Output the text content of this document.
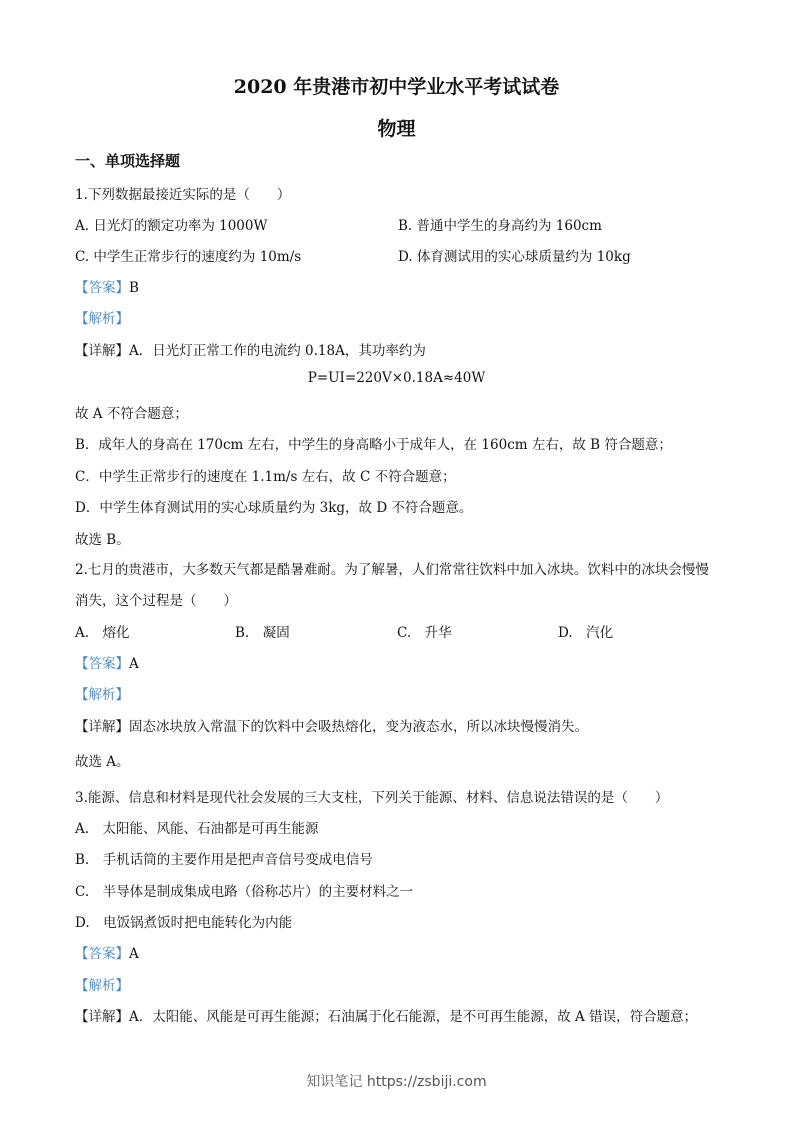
2020 年贵港市初中学业水平考试试卷
物理
一、单项选择题
1.下列数据最接近实际的是（　　）
A. 日光灯的额定功率为 1000W	B. 普通中学生的身高约为 160cm
C. 中学生正常步行的速度约为 10m/s	D. 体育测试用的实心球质量约为 10kg
【答案】B
【解析】
【详解】A．日光灯正常工作的电流约 0.18A，其功率约为
P=UI=220V×0.18A≈40W
故 A 不符合题意；
B．成年人的身高在 170cm 左右，中学生的身高略小于成年人，在 160cm 左右，故 B 符合题意；
C．中学生正常步行的速度在 1.1m/s 左右，故 C 不符合题意；
D．中学生体育测试用的实心球质量约为 3kg，故 D 不符合题意。
故选 B。
2.七月的贵港市，大多数天气都是酷暑难耐。为了解暑，人们常常往饮料中加入冰块。饮料中的冰块会慢慢
消失，这个过程是（　　）
A.　熔化	B.　凝固	C.　升华	D.　汽化
【答案】A
【解析】
【详解】固态冰块放入常温下的饮料中会吸热熔化，变为液态水，所以冰块慢慢消失。
故选 A。
3.能源、信息和材料是现代社会发展的三大支柱，下列关于能源、材料、信息说法错误的是（　　）
A.　太阳能、风能、石油都是可再生能源
B.　手机话筒的主要作用是把声音信号变成电信号
C.　半导体是制成集成电路（俗称芯片）的主要材料之一
D.　电饭锅煮饭时把电能转化为内能
【答案】A
【解析】
【详解】A．太阳能、风能是可再生能源；石油属于化石能源，是不可再生能源，故 A 错误，符合题意；
知识笔记 https://zsbiji.com
